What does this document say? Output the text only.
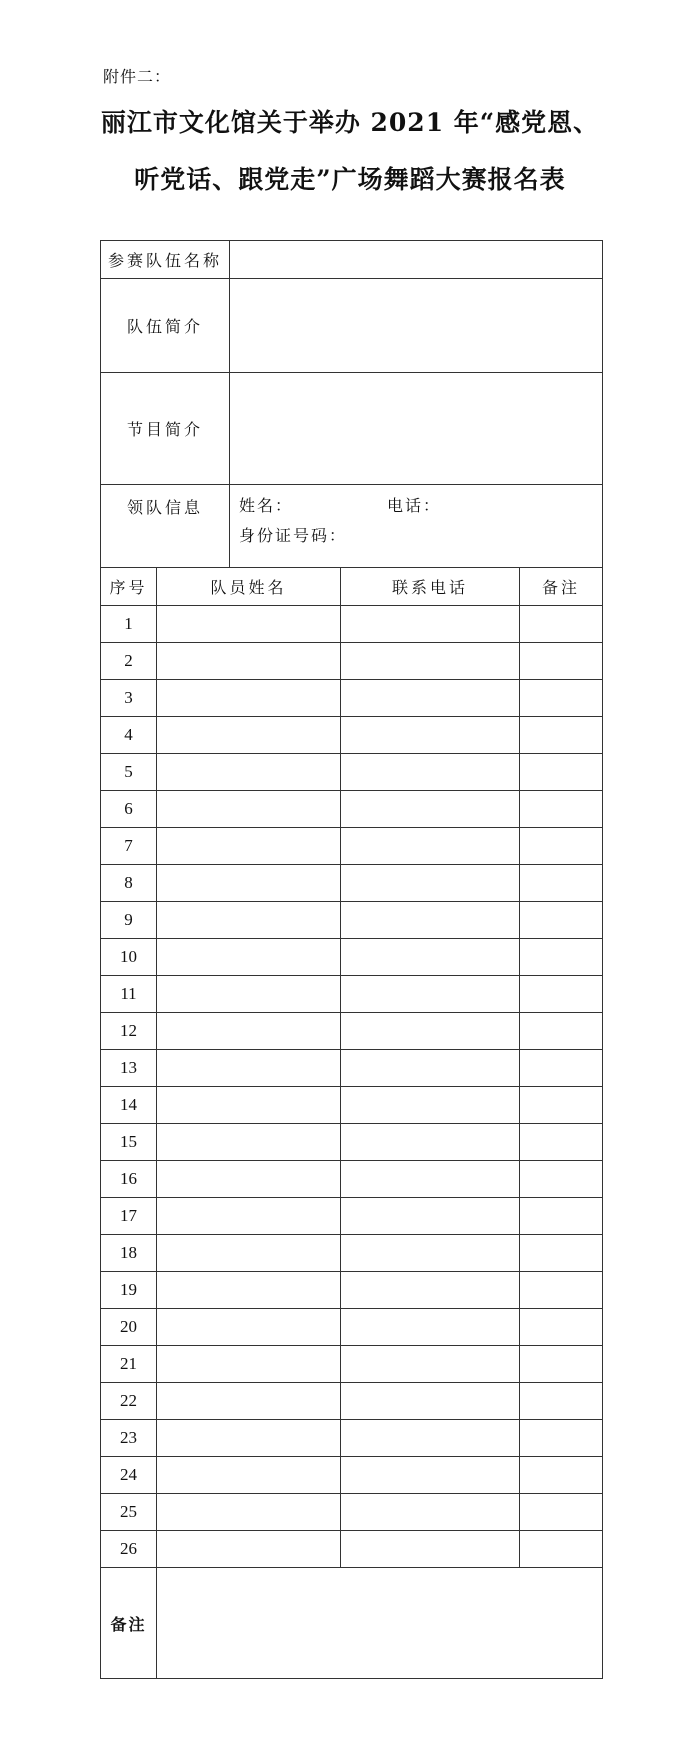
附件二：
丽江市文化馆关于举办 2021 年“感党恩、
听党话、跟党走”广场舞蹈大赛报名表
参赛队伍名称				
队伍简介				
节目简介				
领队信息		姓名： 电话：
身份证号码：		
序号	队员姓名		联系电话	备注
1				
2				
3				
4				
5				
6				
7				
8				
9				
10				
11				
12				
13				
14				
15				
16				
17				
18				
19				
20				
21				
22				
23				
24				
25				
26				
备注				
